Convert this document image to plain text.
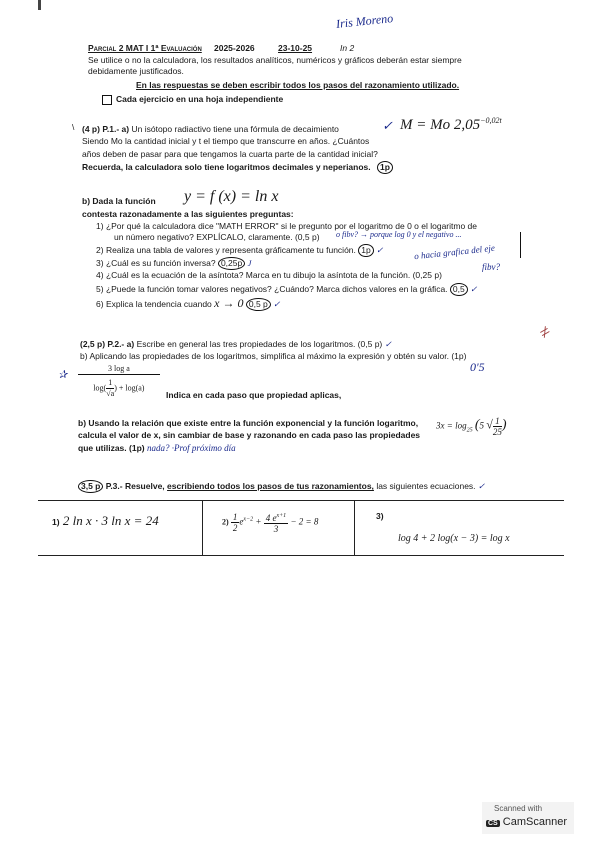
Iris Moreno
Parcial 2 MAT I 1ª Evaluación 2025-2026	23-10-25	In 2
Se utilice o no la calculadora, los resultados analíticos, numéricos y gráficos deberán estar siempre
debidamente justificados.
En las respuestas se deben escribir todos los pasos del razonamiento utilizado.
Cada ejercicio en una hoja independiente
\ (4 p) P.1.- a) Un isótopo radiactivo tiene una fórmula de decaimiento	✓ M = Mo $2,05^{-0,02t}$
Siendo Mo la cantidad inicial y t el tiempo que transcurre en años. ¿Cuántos
años deben de pasar para que tengamos la cuarta parte de la cantidad inicial?
Recuerda, la calculadora solo tiene logaritmos decimales y neperianos. 1p
b) Dada la función y = f (x) = ln x
contesta razonadamente a las siguientes preguntas:
1) ¿Por qué la calculadora dice "MATH ERROR" si le pregunto por el logaritmo de 0 o el logaritmo de
un número negativo? EXPLÍCALO, claramente. (0,5 p) o fibv? → porque log 0 y el negativo ...
2) Realiza una tabla de valores y representa gráficamente tu función. 1p ✓	o hacia grafica del eje
3) ¿Cuál es su función inversa? 0,25p J
4) ¿Cuál es la ecuación de la asíntota? Marca en tu dibujo la asíntota de la función. (0,25 p)
fibv?
5) ¿Puede la función tomar valores negativos? ¿Cuándo? Marca dichos valores en la gráfica. 0,5 ✓
6) Explica la tendencia cuando x → 0 0,5 p ✓
(2,5 p) P.2.- a) Escribe en general las tres propiedades de los logaritmos. (0,5 p) ✓
b) Aplicando las propiedades de los logaritmos, simplifica al máximo la expresión y obtén su valor. (1p)
0'5
≠
✰ $\frac{\text{3 log a}}{\log( \frac{1}{√a} ) + \log(a)}$ Indica en cada paso que propiedad aplicas,
b) Usando la relación que existe entre la función exponencial y la función logaritmo,
calcula el valor de x, sin cambiar de base y razonando en cada paso las propiedades
que utilizas. (1p) nada? ·Prof próximo día
$3x = \log_{25} (5$ √ $\frac{1}{25}$ )
3,5 p P.3.- Resuelve, escribiendo todos los pasos de tus razonamientos, las siguientes ecuaciones. ✓
1) 2 ln x · 3 ln x = 24	$2) \frac{1}{2} e^{x-2} + \frac{4 e^{x+1}}{3} - 2 = 8$
3)
log 4 + 2 log(x − 3) = log x
Scanned with
CS CamScanner
